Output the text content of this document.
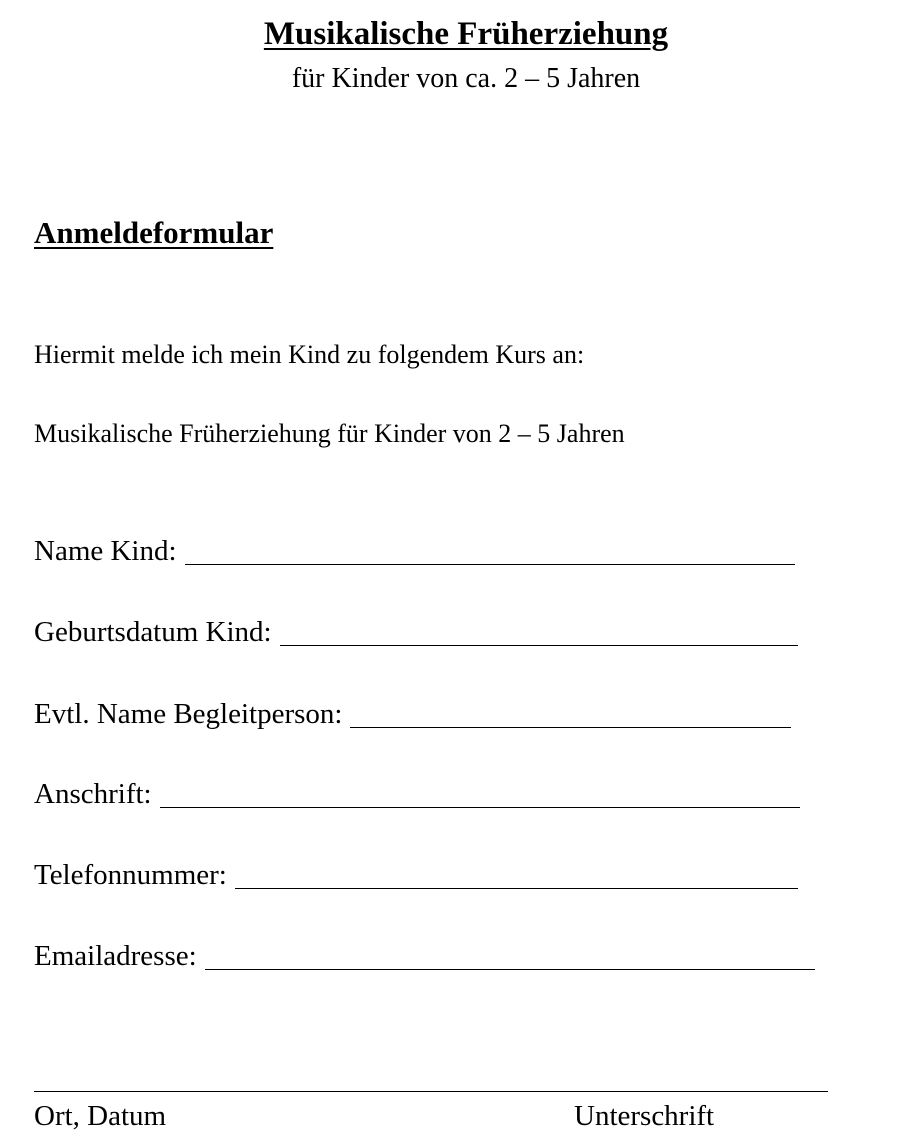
Musikalische Früherziehung
für Kinder von ca. 2 – 5 Jahren
Anmeldeformular
Hiermit melde ich mein Kind zu folgendem Kurs an:
Musikalische Früherziehung für Kinder von 2 – 5 Jahren
Name Kind:
Geburtsdatum Kind:
Evtl. Name Begleitperson:
Anschrift:
Telefonnummer:
Emailadresse:
Ort, Datum	Unterschrift
